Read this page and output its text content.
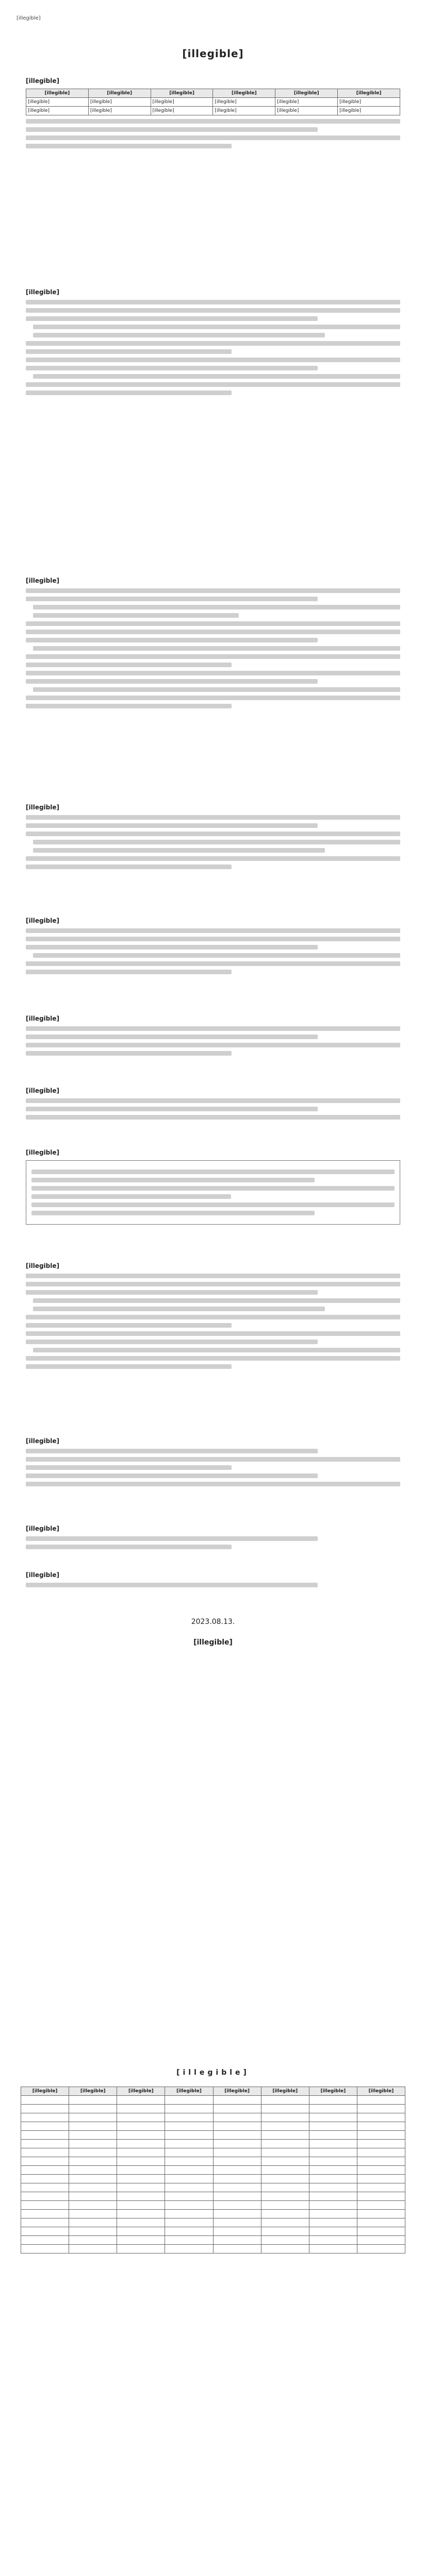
[illegible]
[illegible]
[illegible]
[illegible]	[illegible]	[illegible]	[illegible]	[illegible]	[illegible]
[illegible]	[illegible]	[illegible]	[illegible]	[illegible]	[illegible]
[illegible]	[illegible]	[illegible]	[illegible]	[illegible]	[illegible]
[illegible]
[illegible]
[illegible]
[illegible]
[illegible]
[illegible]
[illegible]
[illegible]
[illegible]
[illegible]
[illegible]
2023.08.13.
[illegible]
[illegible]
[illegible]	[illegible]	[illegible]	[illegible]	[illegible]	[illegible]	[illegible]	[illegible]
